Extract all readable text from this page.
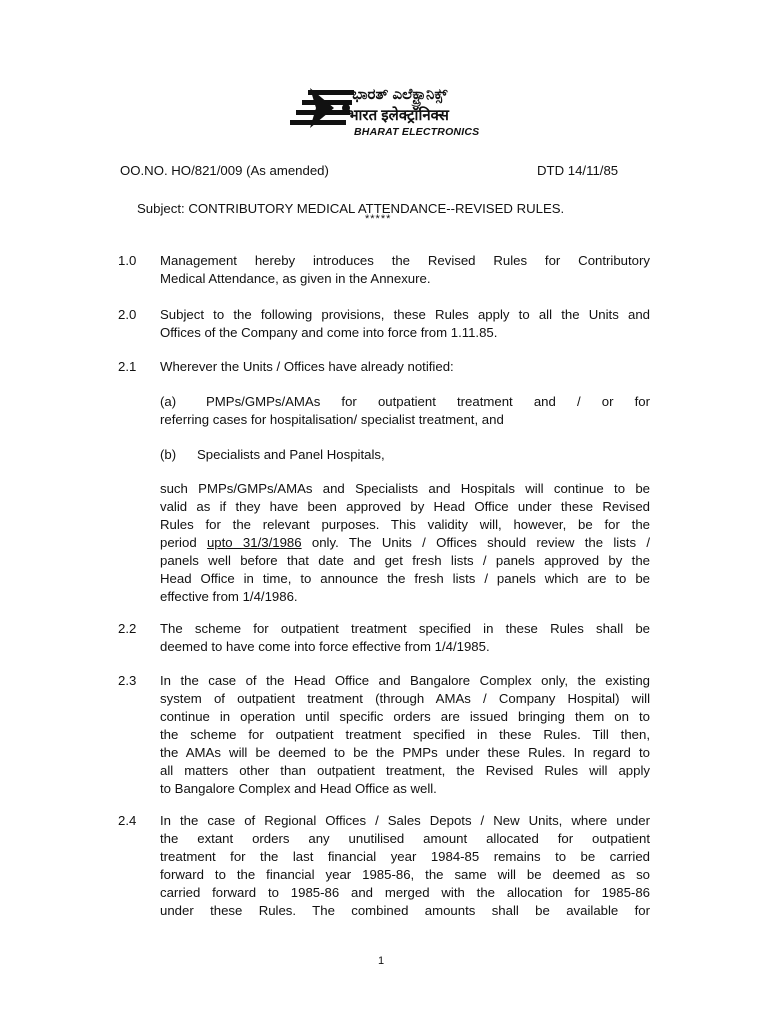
ಭಾರತ್ ಎಲೆಕ್ಟ್ರಾನಿಕ್ಸ್
भारत इलेक्ट्रॉनिक्स
BHARAT ELECTRONICS
OO.NO. HO/821/009 (As amended)	DTD 14/11/85
Subject: CONTRIBUTORY MEDICAL ATTENDANCE--REVISED RULES.
*****
1.0	Management hereby introduces the Revised Rules for Contributory
Medical Attendance, as given in the Annexure.
2.0	Subject to the following provisions, these Rules apply to all the Units and
Offices of the Company and come into force from 1.11.85.
2.1	Wherever the Units / Offices have already notified:
(a) PMPs/GMPs/AMAs for outpatient treatment and / or for
referring cases for hospitalisation/ specialist treatment, and
(b) Specialists and Panel Hospitals,
such PMPs/GMPs/AMAs and Specialists and Hospitals will continue to be
valid as if they have been approved by Head Office under these Revised
Rules for the relevant purposes. This validity will, however, be for the
period upto 31/3/1986 only. The Units / Offices should review the lists /
panels well before that date and get fresh lists / panels approved by the
Head Office in time, to announce the fresh lists / panels which are to be
effective from 1/4/1986.
2.2	The scheme for outpatient treatment specified in these Rules shall be
deemed to have come into force effective from 1/4/1985.
2.3	In the case of the Head Office and Bangalore Complex only, the existing
system of outpatient treatment (through AMAs / Company Hospital) will
continue in operation until specific orders are issued bringing them on to
the scheme for outpatient treatment specified in these Rules. Till then,
the AMAs will be deemed to be the PMPs under these Rules. In regard to
all matters other than outpatient treatment, the Revised Rules will apply
to Bangalore Complex and Head Office as well.
2.4	In the case of Regional Offices / Sales Depots / New Units, where under
the extant orders any unutilised amount allocated for outpatient
treatment for the last financial year 1984-85 remains to be carried
forward to the financial year 1985-86, the same will be deemed as so
carried forward to 1985-86 and merged with the allocation for 1985-86
under these Rules. The combined amounts shall be available for
1
